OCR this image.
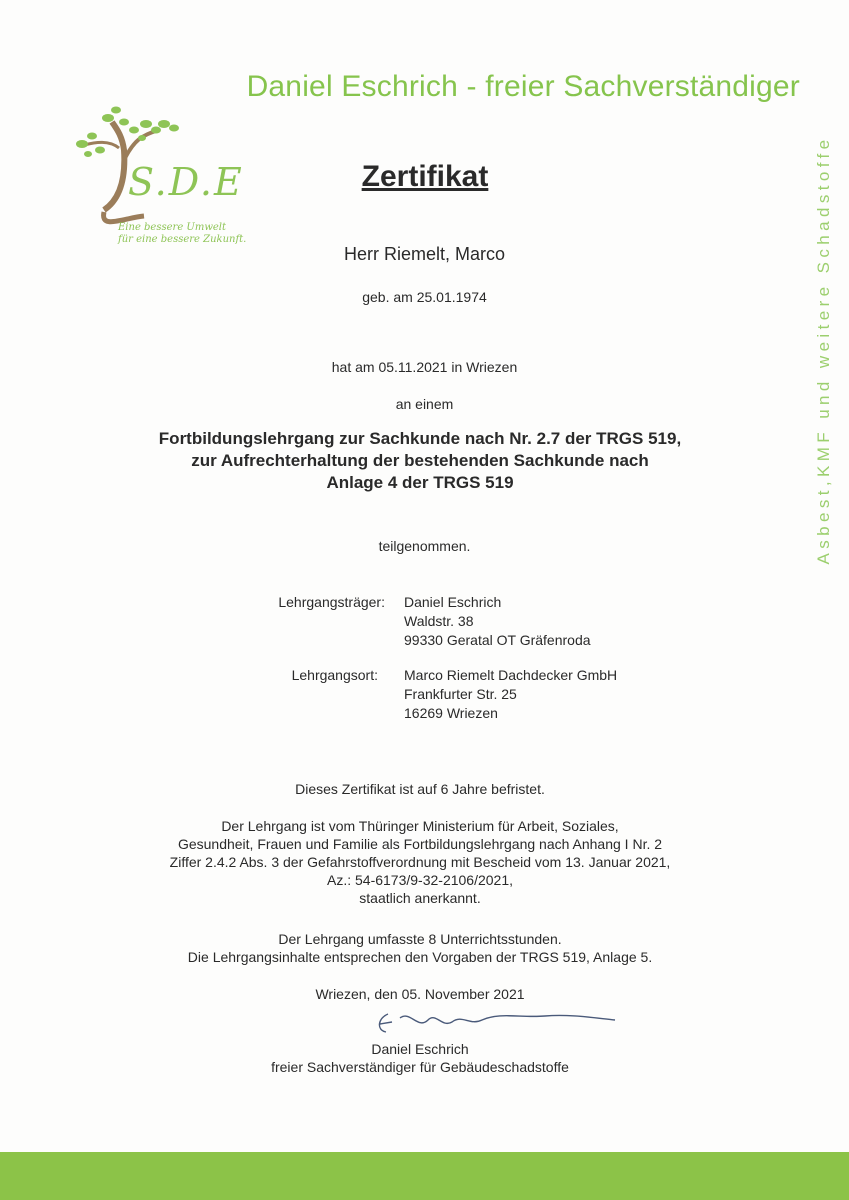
Daniel Eschrich - freier Sachverständiger
Asbest,KMF und weitere Schadstoffe
S.D.E
Eine bessere Umwelt
für eine bessere Zukunft.
Zertifikat
Herr Riemelt, Marco
geb. am 25.01.1974
hat am 05.11.2021 in Wriezen
an einem
Fortbildungslehrgang zur Sachkunde nach Nr. 2.7 der TRGS 519,
zur Aufrechterhaltung der bestehenden Sachkunde nach
Anlage 4 der TRGS 519
teilgenommen.
Lehrgangsträger: Daniel Eschrich
Waldstr. 38
99330 Geratal OT Gräfenroda
Lehrgangsort: Marco Riemelt Dachdecker GmbH
Frankfurter Str. 25
16269 Wriezen
Dieses Zertifikat ist auf 6 Jahre befristet.
Der Lehrgang ist vom Thüringer Ministerium für Arbeit, Soziales,
Gesundheit, Frauen und Familie als Fortbildungslehrgang nach Anhang I Nr. 2
Ziffer 2.4.2 Abs. 3 der Gefahrstoffverordnung mit Bescheid vom 13. Januar 2021,
Az.: 54-6173/9-32-2106/2021,
staatlich anerkannt.
Der Lehrgang umfasste 8 Unterrichtsstunden.
Die Lehrgangsinhalte entsprechen den Vorgaben der TRGS 519, Anlage 5.
Wriezen, den 05. November 2021
Daniel Eschrich
freier Sachverständiger für Gebäudeschadstoffe
